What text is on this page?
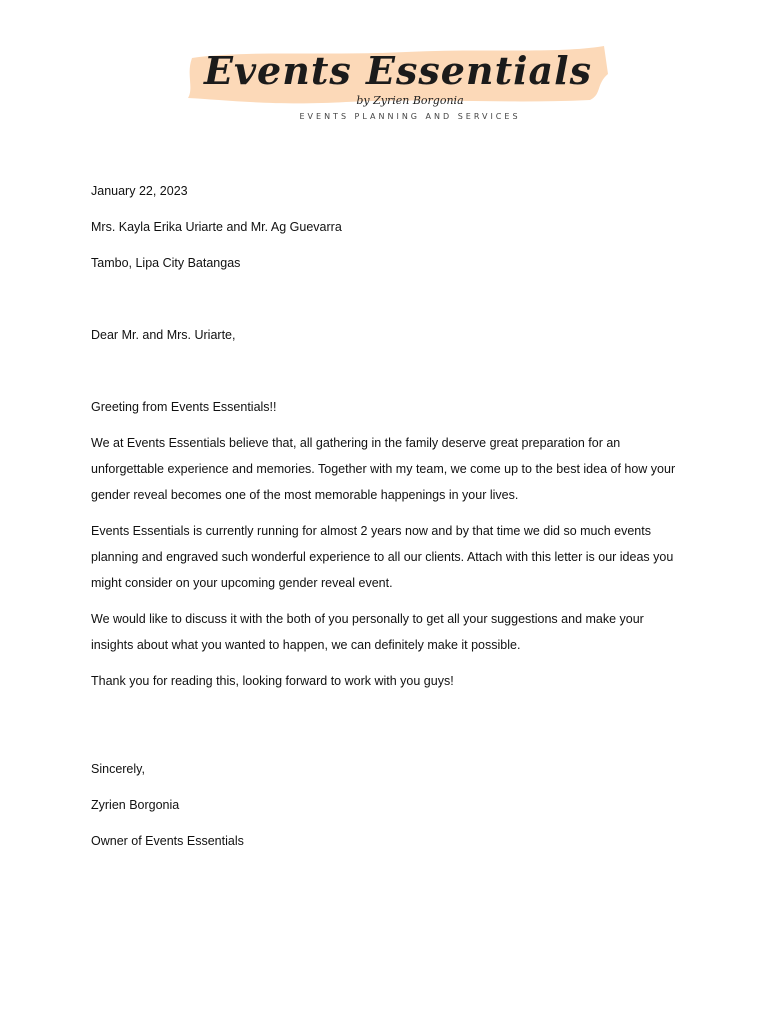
Events Essentials
by Zyrien Borgonia
EVENTS PLANNING AND SERVICES

January 22, 2023

Mrs. Kayla Erika Uriarte and Mr. Ag Guevarra

Tambo, Lipa City Batangas

Dear Mr. and Mrs. Uriarte,

Greeting from Events Essentials!!

We at Events Essentials believe that, all gathering in the family deserve great preparation for an unforgettable experience and memories. Together with my team, we come up to the best idea of how your gender reveal becomes one of the most memorable happenings in your lives.

Events Essentials is currently running for almost 2 years now and by that time we did so much events planning and engraved such wonderful experience to all our clients. Attach with this letter is our ideas you might consider on your upcoming gender reveal event.

We would like to discuss it with the both of you personally to get all your suggestions and make your insights about what you wanted to happen, we can definitely make it possible.

Thank you for reading this, looking forward to work with you guys!

Sincerely,

Zyrien Borgonia

Owner of Events Essentials
